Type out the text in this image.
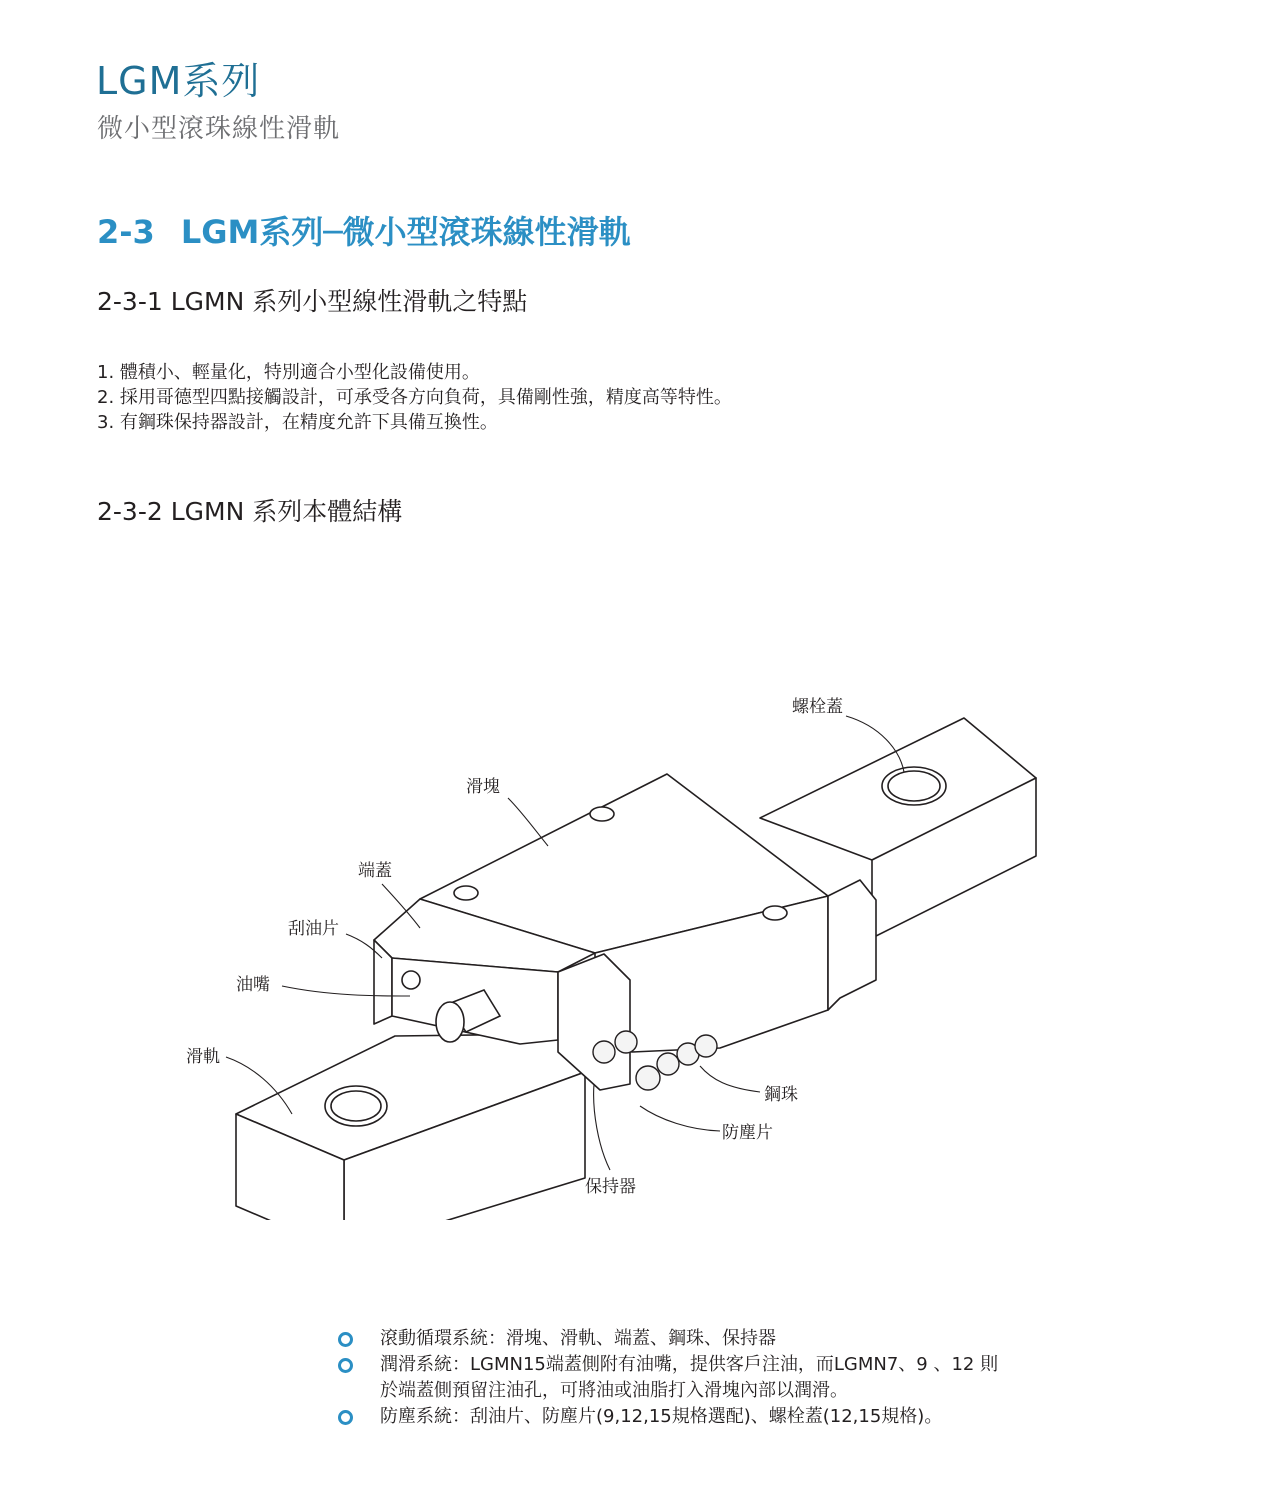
LGM系列
微小型滾珠線性滑軌
2-3 LGM系列─微小型滾珠線性滑軌
2-3-1 LGMN 系列小型線性滑軌之特點
1. 體積小、輕量化，特別適合小型化設備使用。
2. 採用哥德型四點接觸設計，可承受各方向負荷，具備剛性強，精度高等特性。
3. 有鋼珠保持器設計，在精度允許下具備互換性。
2-3-2 LGMN 系列本體結構
螺栓蓋
滑塊
端蓋
刮油片
油嘴
滑軌
鋼珠
防塵片
保持器
滾動循環系統：滑塊、滑軌、端蓋、鋼珠、保持器
潤滑系統：LGMN15端蓋側附有油嘴，提供客戶注油，而LGMN7、9 、12 則
於端蓋側預留注油孔，可將油或油脂打入滑塊內部以潤滑。
防塵系統：刮油片、防塵片(9,12,15規格選配)、螺栓蓋(12,15規格)。
